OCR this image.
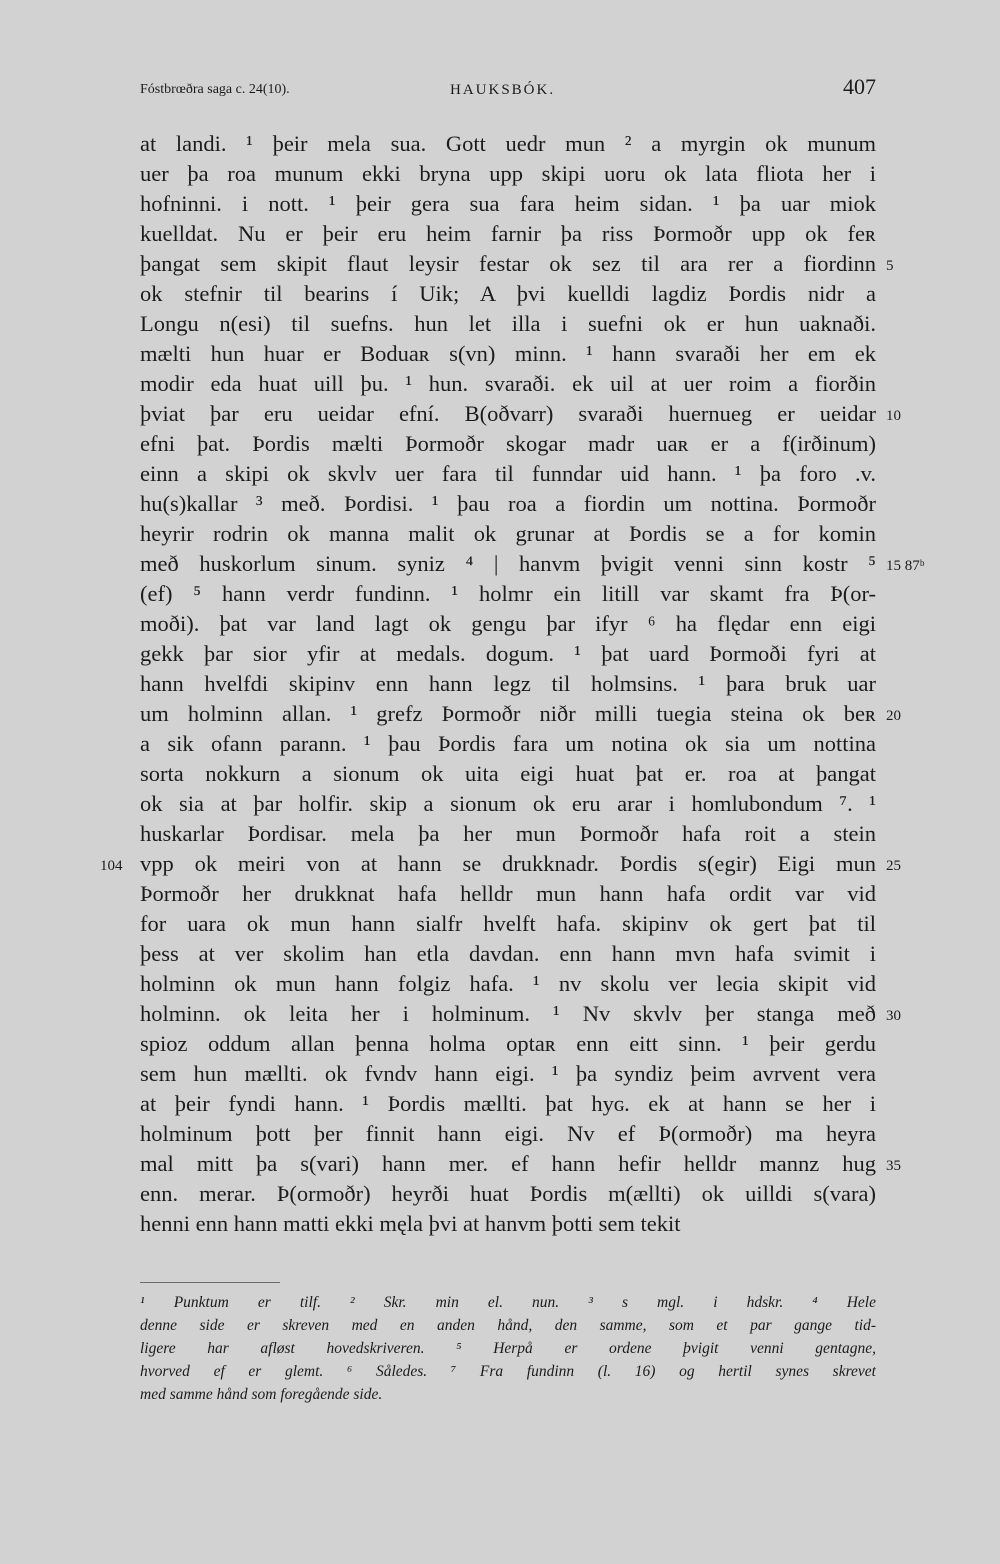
Fóstbrœðra saga c. 24(10).	HAUKSBÓK.	407
at landi. ¹ þeir mela sua. Gott uedr mun ² a myrgin ok munum
uer þa roa munum ekki bryna upp skipi uoru ok lata fliota her i
hofninni. i nott. ¹ þeir gera sua fara heim sidan. ¹ þa uar miok
kuelldat. Nu er þeir eru heim farnir þa riss Þormoðr upp ok feʀ
þangat sem skipit flaut leysir festar ok sez til ara rer a fiordinn
ok stefnir til bearins í Uik; A þvi kuelldi lagdiz Þordis nidr a
Longu n(esi) til suefns. hun let illa i suefni ok er hun uaknaði.
mælti hun huar er Boduaʀ s(vn) minn. ¹ hann svaraði her em ek
modir eda huat uill þu. ¹ hun. svaraði. ek uil at uer roim a fiorðin
þviat þar eru ueidar efní. B(oðvarr) svaraði huernueg er ueidar
efni þat. Þordis mælti Þormoðr skogar madr uaʀ er a f(irðinum)
einn a skipi ok skvlv uer fara til funndar uid hann. ¹ þa foro .v.
hu(s)kallar ³ með. Þordisi. ¹ þau roa a fiordin um nottina. Þormoðr
heyrir rodrin ok manna malit ok grunar at Þordis se a for komin
með huskorlum sinum. syniz ⁴ | hanvm þvigit venni sinn kostr ⁵
(ef) ⁵ hann verdr fundinn. ¹ holmr ein litill var skamt fra Þ(or-
moði). þat var land lagt ok gengu þar ifyr ⁶ ha flędar enn eigi
gekk þar sior yfir at medals. dogum. ¹ þat uard Þormoði fyri at
hann hvelfdi skipinv enn hann legz til holmsins. ¹ þara bruk uar
um holminn allan. ¹ grefz Þormoðr niðr milli tuegia steina ok beʀ
a sik ofann parann. ¹ þau Þordis fara um notina ok sia um nottina
sorta nokkurn a sionum ok uita eigi huat þat er. roa at þangat
ok sia at þar holfir. skip a sionum ok eru arar i homlubondum ⁷. ¹
huskarlar Þordisar. mela þa her mun Þormoðr hafa roit a stein
vpp ok meiri von at hann se drukknadr. Þordis s(egir) Eigi mun
Þormoðr her drukknat hafa helldr mun hann hafa ordit var vid
for uara ok mun hann sialfr hvelft hafa. skipinv ok gert þat til
þess at ver skolim han etla davdan. enn hann mvn hafa svimit i
holminn ok mun hann folgiz hafa. ¹ nv skolu ver leɢia skipit vid
holminn. ok leita her i holminum. ¹ Nv skvlv þer stanga með
spioz oddum allan þenna holma optaʀ enn eitt sinn. ¹ þeir gerdu
sem hun mællti. ok fvndv hann eigi. ¹ þa syndiz þeim avrvent vera
at þeir fyndi hann. ¹ Þordis mællti. þat hyɢ. ek at hann se her i
holminum þott þer finnit hann eigi. Nv ef Þ(ormoðr) ma heyra
mal mitt þa s(vari) hann mer. ef hann hefir helldr mannz hug
enn. merar. Þ(ormoðr) heyrði huat Þordis m(ællti) ok uilldi s(vara)
henni enn hann matti ekki męla þvi at hanvm þotti sem tekit
5
10
15 87ᵇ
20
25
30
35
104
¹ Punktum er tilf. ² Skr. min el. nun. ³ s mgl. i hdskr. ⁴ Hele
denne side er skreven med en anden hånd, den samme, som et par gange tid-
ligere har afløst hovedskriveren. ⁵ Herpå er ordene þvigit venni gentagne,
hvorved ef er glemt. ⁶ Således. ⁷ Fra fundinn (l. 16) og hertil synes skrevet
med samme hånd som foregående side.
